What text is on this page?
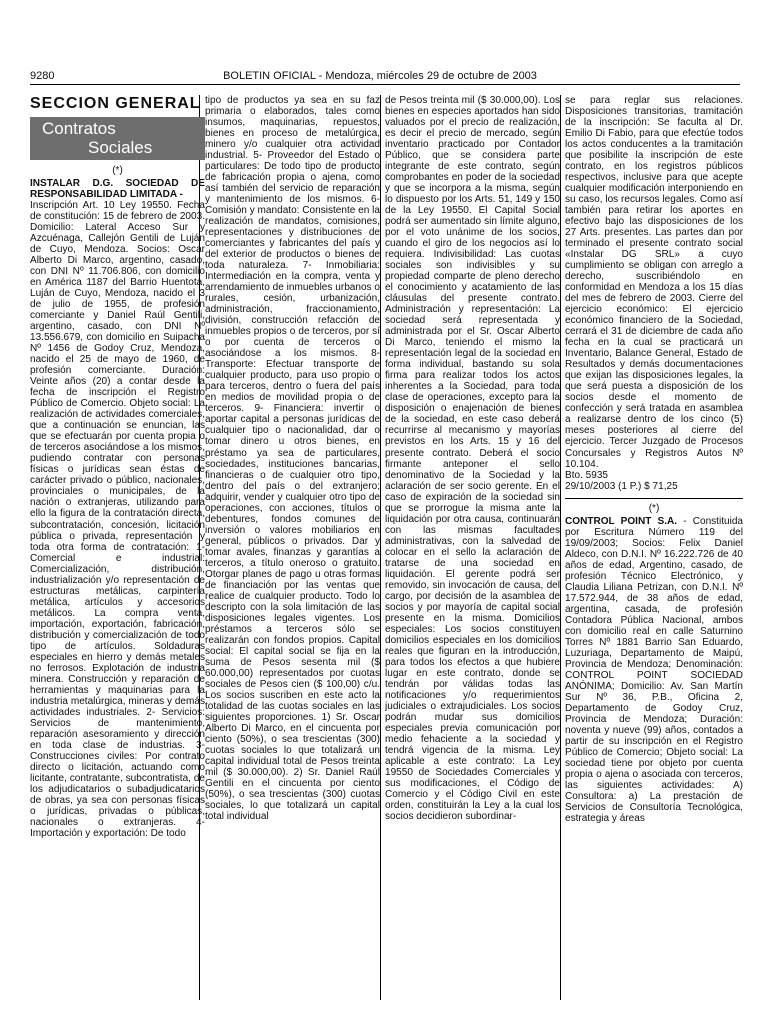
9280	BOLETIN OFICIAL - Mendoza, miércoles 29 de octubre de 2003
SECCION GENERAL
Contratos
Sociales
(*)

INSTALAR D.G. SOCIEDAD DE RESPONSABILIDAD LIMITADA -

Inscripción Art. 10 Ley 19550. Fecha de constitución: 15 de febrero de 2003. Domicilio: Lateral Acceso Sur y Azcuénaga, Callejón Gentili de Luján de Cuyo, Mendoza. Socios: Oscar Alberto Di Marco, argentino, casado, con DNI Nº 11.706.806, con domicilio en América 1187 del Barrio Huentota, Luján de Cuyo, Mendoza, nacido el 3 de julio de 1955, de profesión comerciante y Daniel Raúl Gentili, argentino, casado, con DNI Nº 13.556.679, con domicilio en Suipacha Nº 1456 de Godoy Cruz, Mendoza, nacido el 25 de mayo de 1960, de profesión comerciante. Duración: Veinte años (20) a contar desde la fecha de inscripción el Registro Público de Comercio. Objeto social: La realización de actividades comerciales, que a continuación se enuncian, las que se efectuarán por cuenta propia o de terceros asociándose a los mismos, pudiendo contratar con personas físicas o jurídicas sean éstas de carácter privado o público, nacionales, provinciales o municipales, de la nación o extranjeras, utilizando para ello la figura de la contratación directa, subcontratación, concesión, licitación pública o privada, representación y toda otra forma de contratación: 1- Comercial e industrial: Comercialización, distribución, industrialización y/o representación de estructuras metálicas, carpintería metálica, artículos y accesorios metálicos. La compra venta, importación, exportación, fabricación, distribución y comercialización de todo tipo de artículos. Soldaduras especiales en hierro y demás metales no ferrosos. Explotación de industria minera. Construcción y reparación de herramientas y maquinarias para la industria metalúrgica, mineras y demás actividades industriales. 2- Servicios: Servicios de mantenimiento, reparación asesoramiento y dirección en toda clase de industrias. 3- Construcciones civiles: Por contrato directo o licitación, actuando como licitante, contratante, subcontratista, de los adjudicatarios o subadjudicatarios de obras, ya sea con personas físicas o jurídicas, privadas o públicas, nacionales o extranjeras. 4- Importación y exportación: De todo

tipo de productos ya sea en su faz primaria o elaborados, tales como insumos, maquinarias, repuestos, bienes en proceso de metalúrgica, minero y/o cualquier otra actividad industrial. 5- Proveedor del Estado o particulares: De todo tipo de producto de fabricación propia o ajena, como así también del servicio de reparación y mantenimiento de los mismos. 6- Comisión y mandato: Consistente en la realización de mandatos, comisiones, representaciones y distribuciones de comerciantes y fabricantes del país y del exterior de productos o bienes de toda naturaleza. 7- Inmobiliaria: Intermediación en la compra, venta y arrendamiento de inmuebles urbanos o rurales, cesión, urbanización, administración, fraccionamiento, división, construcción refacción de inmuebles propios o de terceros, por sí o por cuenta de terceros o asociándose a los mismos. 8- Transporte: Efectuar transporte de cualquier producto, para uso propio o para terceros, dentro o fuera del país en medios de movilidad propia o de terceros. 9- Financiera: invertir o aportar capital a personas jurídicas de cualquier tipo o nacionalidad, dar o tomar dinero u otros bienes, en préstamo ya sea de particulares, sociedades, instituciones bancarias, financieras o de cualquier otro tipo, dentro del país o del extranjero; adquirir, vender y cualquier otro tipo de operaciones, con acciones, títulos o debentures, fondos comunes de inversión o valores mobiliarios en general, públicos o privados. Dar y tomar avales, finanzas y garantías a terceros, a título oneroso o gratuito. Otorgar planes de pago u otras formas de financiación por las ventas que realice de cualquier producto. Todo lo descripto con la sola limitación de las disposiciones legales vigentes. Los préstamos a terceros sólo se realizarán con fondos propios. Capital social: El capital social se fija en la suma de Pesos sesenta mil ($ 60.000,00) representados por cuotas sociales de Pesos cien ($ 100,00) c/u. Los socios suscriben en este acto la totalidad de las cuotas sociales en las siguientes proporciones. 1) Sr. Oscar Alberto Di Marco, en el cincuenta por ciento (50%), o sea trescientas (300) cuotas sociales lo que totalizará un capital individual total de Pesos treinta mil ($ 30.000,00). 2) Sr. Daniel Raúl Gentili en el cincuenta por ciento (50%), o sea trescientas (300) cuotas sociales, lo que totalizará un capital total individual

de Pesos treinta mil ($ 30.000,00). Los bienes en especies aportados han sido valuados por el precio de realización, es decir el precio de mercado, según inventario practicado por Contador Público, que se considera parte integrante de este contrato, según comprobantes en poder de la sociedad y que se incorpora a la misma, según lo dispuesto por los Arts. 51, 149 y 150 de la Ley 19550. El Capital Social podrá ser aumentado sin límite alguno, por el voto unánime de los socios, cuando el giro de los negocios así lo requiera. Indivisibilidad: Las cuotas sociales son indivisibles y su propiedad comparte de pleno derecho el conocimiento y acatamiento de las cláusulas del presente contrato. Administración y representación: La sociedad será representada y administrada por el Sr. Oscar Alberto Di Marco, teniendo el mismo la representación legal de la sociedad en forma individual, bastando su sola firma para realizar todos los actos inherentes a la Sociedad, para toda clase de operaciones, excepto para la disposición o enajenación de bienes de la sociedad, en este caso deberá recurrirse al mecanismo y mayorías previstos en los Arts. 15 y 16 del presente contrato. Deberá el socio firmante anteponer el sello denominativo de la Sociedad y la aclaración de ser socio gerente. En el caso de expiración de la sociedad sin que se prorrogue la misma ante la liquidación por otra causa, continuarán con las mismas facultades administrativas, con la salvedad de colocar en el sello la aclaración de tratarse de una sociedad en liquidación. El gerente podrá ser removido, sin invocación de causa, del cargo, por decisión de la asamblea de socios y por mayoría de capital social presente en la misma. Domicilios especiales: Los socios constituyen domicilios especiales en los domicilios reales que figuran en la introducción, para todos los efectos a que hubiere lugar en este contrato, donde se tendrán por válidas todas las notificaciones y/o requerimientos judiciales o extrajudiciales. Los socios podrán mudar sus domicilios especiales previa comunicación por medio fehaciente a la sociedad y tendrá vigencia de la misma. Ley aplicable a este contrato: La Ley 19550 de Sociedades Comerciales y sus modificaciones, el Código de Comercio y el Código Civil en este orden, constituirán la Ley a la cual los socios decidieron subordinar-

se para reglar sus relaciones. Disposiciones transitorias, tramitación de la inscripción: Se faculta al Dr. Emilio Di Fabio, para que efectúe todos los actos conducentes a la tramitación que posibilite la inscripción de este contrato, en los registros públicos respectivos, inclusive para que acepte cualquier modificación interponiendo en su caso, los recursos legales. Como así también para retirar los aportes en efectivo bajo las disposiciones de los 27 Arts. presentes. Las partes dan por terminado el presente contrato social «Instalar DG SRL» a cuyo cumplimiento se obligan con arreglo a derecho, suscribiéndolo en conformidad en Mendoza a los 15 días del mes de febrero de 2003. Cierre del ejercicio económico: El ejercicio económico financiero de la Sociedad, cerrará el 31 de diciembre de cada año fecha en la cual se practicará un Inventario, Balance General, Estado de Resultados y demás documentaciones que exijan las disposiciones legales, la que será puesta a disposición de los socios desde el momento de confección y será tratada en asamblea a realizarse dentro de los cinco (5) meses posteriores al cierre del ejercicio. Tercer Juzgado de Procesos Concursales y Registros Autos Nº 10.104.

Bto. 5935

29/10/2003 (1 P.) $ 71,25

(*)

CONTROL POINT S.A. - Constituida por Escritura Número 119 del 19/09/2003; Socios: Felix Daniel Aldeco, con D.N.I. Nº 16.222.726 de 40 años de edad, Argentino, casado, de profesión Técnico Electrónico, y Claudia Liliana Petrizan, con D.N.I. Nº 17.572.944, de 38 años de edad, argentina, casada, de profesión Contadora Pública Nacional, ambos con domicilio real en calle Saturnino Torres Nº 1881 Barrio San Eduardo, Luzuriaga, Departamento de Maipú, Provincia de Mendoza; Denominación: CONTROL POINT SOCIEDAD ANÓNIMA; Domicilio: Av. San Martín Sur Nº 36, P.B., Oficina 2, Departamento de Godoy Cruz, Provincia de Mendoza; Duración: noventa y nueve (99) años, contados a partir de su inscripción en el Registro Público de Comercio; Objeto social: La sociedad tiene por objeto por cuenta propia o ajena o asociada con terceros, las siguientes actividades: A) Consultora: a) La prestación de Servicios de Consultoría Tecnológica, estrategia y áreas
